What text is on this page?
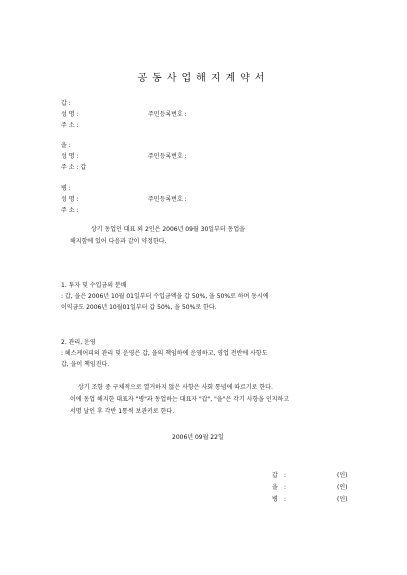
공동사업해지계약서
갑 :
성 명 :	주민등록번호 :
주 소 :
을 :
성 명 :	주민등록번호 :
주 소 : 갑
병 :
성 명 :	주민등록번호 :
주 소 :
상기 동업인 대표 외 2인은 2006년 09월 30일부터 동업을
해지함에 있어 다음과 같이 약정한다.
1. 투자 및 수입금의 분배
: 갑, 을은 2006년 10월 01일부터 수입금액을 갑 50%, 을 50%로 하며 동시에
이익금도 2006년 10월01일부터 갑 50%, 을 50%로 한다.
2. 관리, 운영
: 헤스케어피의 관리 및 운영은 갑, 을의 책임하에 운영하고, 영업 전반에 사항도
갑, 을이 책임진다.
상기 조항 중 구체적으로 열거하지 않은 사항은 사회 통념에 따르기로 한다.
이에 동업 해지한 대표자 "병"과 동업하는 대표자 "갑", "을"은 각기 사항을 인지하고
서명 날인 후 각반 1통씩 보관키로 한다.
2006년 09월 22일
갑 :	(인)
을 :	(인)
병 :	(인)
